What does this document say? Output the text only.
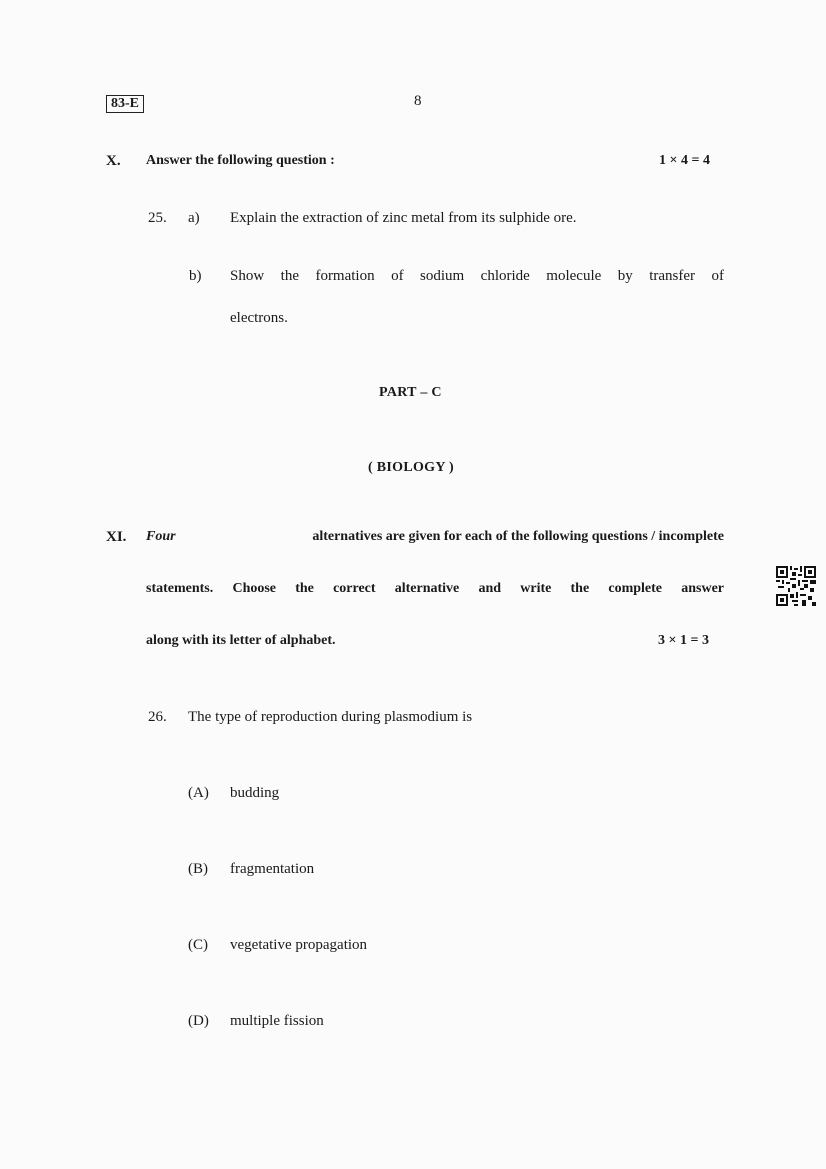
83-E	8
X. Answer the following question :	1 × 4 = 4
25. a) Explain the extraction of zinc metal from its sulphide ore.
b) Show the formation of sodium chloride molecule by transfer of
electrons.
PART – C
( BIOLOGY )
XI. Four	alternatives are given for each of the following questions / incomplete
statements. Choose the correct alternative and write the complete answer
along with its letter of alphabet.	3 × 1 = 3
26. The type of reproduction during plasmodium is
(A) budding
(B) fragmentation
(C) vegetative propagation
(D) multiple fission
